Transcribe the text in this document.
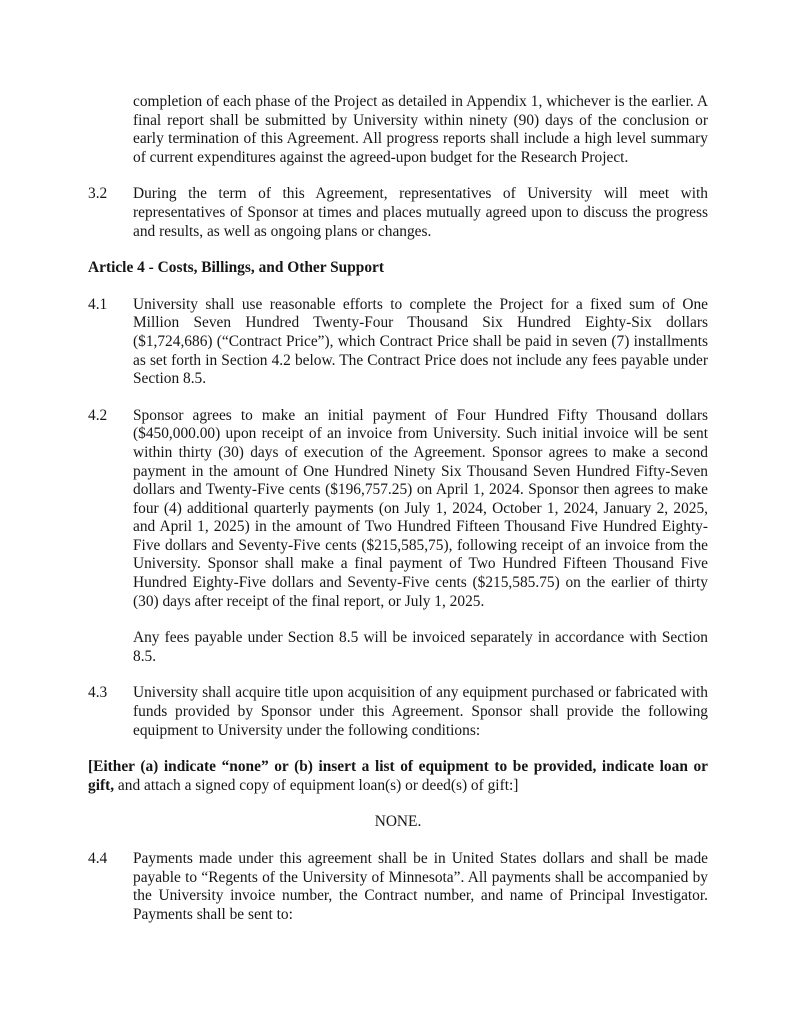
completion of each phase of the Project as detailed in Appendix 1, whichever is the earlier. A final report shall be submitted by University within ninety (90) days of the conclusion or early termination of this Agreement. All progress reports shall include a high level summary of current expenditures against the agreed-upon budget for the Research Project.

3.2 During the term of this Agreement, representatives of University will meet with representatives of Sponsor at times and places mutually agreed upon to discuss the progress and results, as well as ongoing plans or changes.

Article 4 - Costs, Billings, and Other Support

4.1 University shall use reasonable efforts to complete the Project for a fixed sum of One Million Seven Hundred Twenty-Four Thousand Six Hundred Eighty-Six dollars ($1,724,686) (“Contract Price”), which Contract Price shall be paid in seven (7) installments as set forth in Section 4.2 below. The Contract Price does not include any fees payable under Section 8.5.

4.2 Sponsor agrees to make an initial payment of Four Hundred Fifty Thousand dollars ($450,000.00) upon receipt of an invoice from University. Such initial invoice will be sent within thirty (30) days of execution of the Agreement. Sponsor agrees to make a second payment in the amount of One Hundred Ninety Six Thousand Seven Hundred Fifty-Seven dollars and Twenty-Five cents ($196,757.25) on April 1, 2024. Sponsor then agrees to make four (4) additional quarterly payments (on July 1, 2024, October 1, 2024, January 2, 2025, and April 1, 2025) in the amount of Two Hundred Fifteen Thousand Five Hundred Eighty-Five dollars and Seventy-Five cents ($215,585,75), following receipt of an invoice from the University. Sponsor shall make a final payment of Two Hundred Fifteen Thousand Five Hundred Eighty-Five dollars and Seventy-Five cents ($215,585.75) on the earlier of thirty (30) days after receipt of the final report, or July 1, 2025.

Any fees payable under Section 8.5 will be invoiced separately in accordance with Section 8.5.

4.3 University shall acquire title upon acquisition of any equipment purchased or fabricated with funds provided by Sponsor under this Agreement. Sponsor shall provide the following equipment to University under the following conditions:

[Either (a) indicate “none” or (b) insert a list of equipment to be provided, indicate loan or gift, and attach a signed copy of equipment loan(s) or deed(s) of gift:]

NONE.

4.4 Payments made under this agreement shall be in United States dollars and shall be made payable to “Regents of the University of Minnesota”. All payments shall be accompanied by the University invoice number, the Contract number, and name of Principal Investigator. Payments shall be sent to:
